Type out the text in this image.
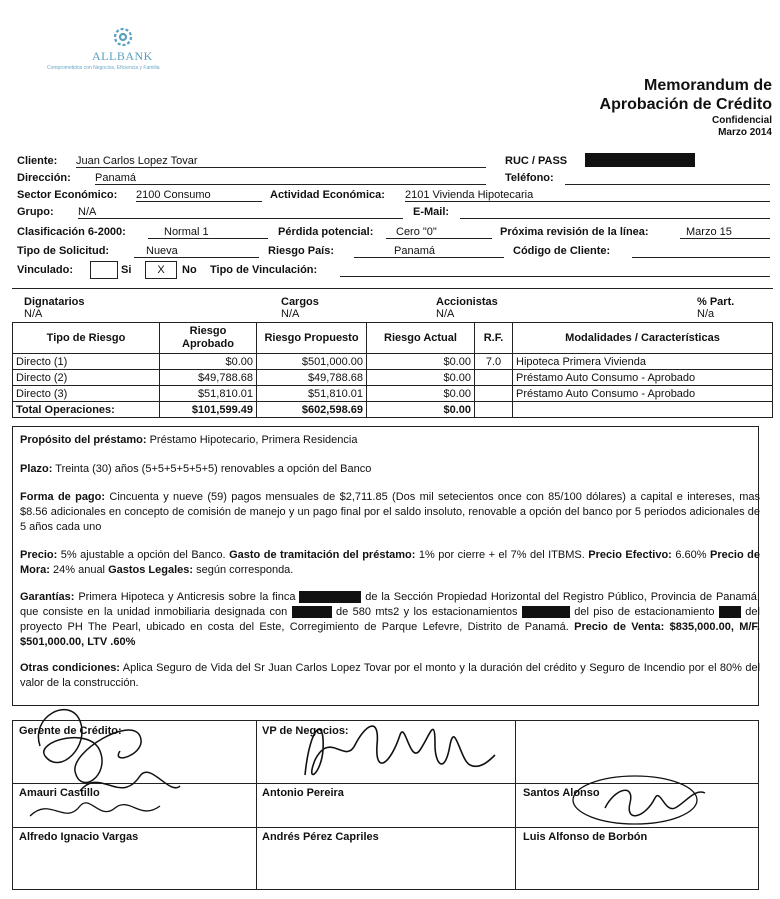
ALLBANK
Comprometidos con Negocios, Eficiencia y Familia
Memorandum de
Aprobación de Crédito
Confidencial
Marzo 2014
Cliente: Juan Carlos Lopez Tovar	RUC / PASS
Dirección: Panamá	Teléfono:
Sector Económico: 2100 Consumo	Actividad Económica: 2101 Vivienda Hipotecaria
Grupo: N/A	E-Mail:
Clasificación 6-2000:	Normal 1	Pérdida potencial:	Cero "0"	Próxima revisión de la línea:	Marzo 15
Tipo de Solicitud:	Nueva	Riesgo País:	Panamá	Código de Cliente:
Vinculado:	Si	X	No Tipo de Vinculación:
Dignatarios
N/A
Cargos
N/A
Accionistas
N/A
% Part.
N/a
Tipo de Riesgo	Riesgo Aprobado	Riesgo Propuesto	Riesgo Actual	R.F.	Modalidades / Características
Directo (1)	$0.00	$501,000.00	$0.00	7.0	Hipoteca Primera Vivienda
Directo (2)	$49,788.68	$49,788.68	$0.00		Préstamo Auto Consumo - Aprobado
Directo (3)	$51,810.01	$51,810.01	$0.00		Préstamo Auto Consumo - Aprobado
Total Operaciones:	$101,599.49	$602,598.69	$0.00		
Propósito del préstamo: Préstamo Hipotecario, Primera Residencia
Plazo: Treinta (30) años (5+5+5+5+5+5) renovables a opción del Banco
Forma de pago: Cincuenta y nueve (59) pagos mensuales de $2,711.85 (Dos mil setecientos once con 85/100 dólares) a capital e intereses, mas $8.56 adicionales en concepto de comisión de manejo y un pago final por el saldo insoluto, renovable a opción del banco por 5 periodos adicionales de 5 años cada uno
Precio: 5% ajustable a opción del Banco. Gasto de tramitación del préstamo: 1% por cierre + el 7% del ITBMS. Precio Efectivo: 6.60% Precio de Mora: 24% anual Gastos Legales: según corresponda.
Garantías: Primera Hipoteca y Anticresis sobre la finca	de la Sección Propiedad Horizontal del Registro Público, Provincia de Panamá, que consiste en la unidad inmobiliaria designada con	de 580 mts2 y los estacionamientos	del piso de estacionamiento	del proyecto PH The Pearl, ubicado en costa del Este, Corregimiento de Parque Lefevre, Distrito de Panamá. Precio de Venta: $835,000.00, M/F. $501,000.00, LTV .60%
Otras condiciones: Aplica Seguro de Vida del Sr Juan Carlos Lopez Tovar por el monto y la duración del crédito y Seguro de Incendio por el 80% del valor de la construcción.
Gerente de Crédito:	VP de Negocios:
Amauri Castillo	Antonio Pereira	Santos Alonso
Alfredo Ignacio Vargas	Andrés Pérez Capriles	Luis Alfonso de Borbón
